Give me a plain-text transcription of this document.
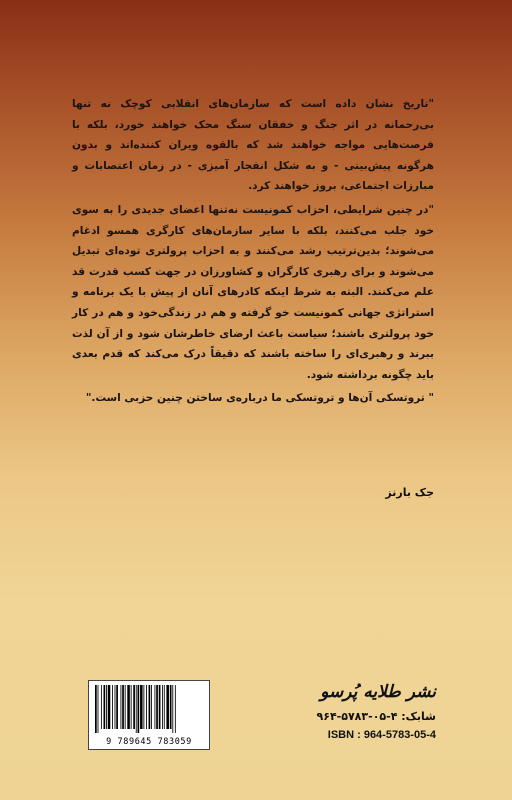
"تاریخ نشان داده است که سازمان‌های انقلابی کوچک نه تنها بی‌رحمانه در اثر جنگ و خفقان سنگ محک خواهند خورد، بلکه با فرصت‌هایی مواجه خواهند شد که بالقوه ویران کننده‌اند و بدون هرگونه پیش‌بینی - و به شکل انفجار آمیزی - در زمان اعتصابات و مبارزات اجتماعی، بروز خواهند کرد.

"در چنین شرایطی، احزاب کمونیست نه‌تنها اعضای جدیدی را به سوی خود جلب می‌کنند، بلکه با سایر سازمان‌های کارگری همسو ادغام می‌شوند؛ بدین‌ترتیب رشد می‌کنند و به احزاب پرولتری توده‌ای تبدیل می‌شوند و برای رهبری کارگران و کشاورزان در جهت کسب قدرت قد علم می‌کنند. البته به شرط اینکه کادرهای آنان از پیش با یک برنامه و استراتژی جهانی کمونیست خو گرفته و هم در زندگی‌خود و هم در کار خود پرولتری باشند؛ سیاست باعث ارضای خاطرشان شود و از آن لذت ببرند و رهبری‌ای را ساخته باشند که دقیقاً درک می‌کند که قدم بعدی باید چگونه برداشته شود.

" تروتسکی آن‌ها و تروتسکی ما درباره‌ی ساختن چنین حزبی است."

جک بارنز
9 789645 783059
نشر طلایه پُرسو
شابک: ۴-۰۵-۵۷۸۳-۹۶۴
ISBN : 964-5783-05-4
